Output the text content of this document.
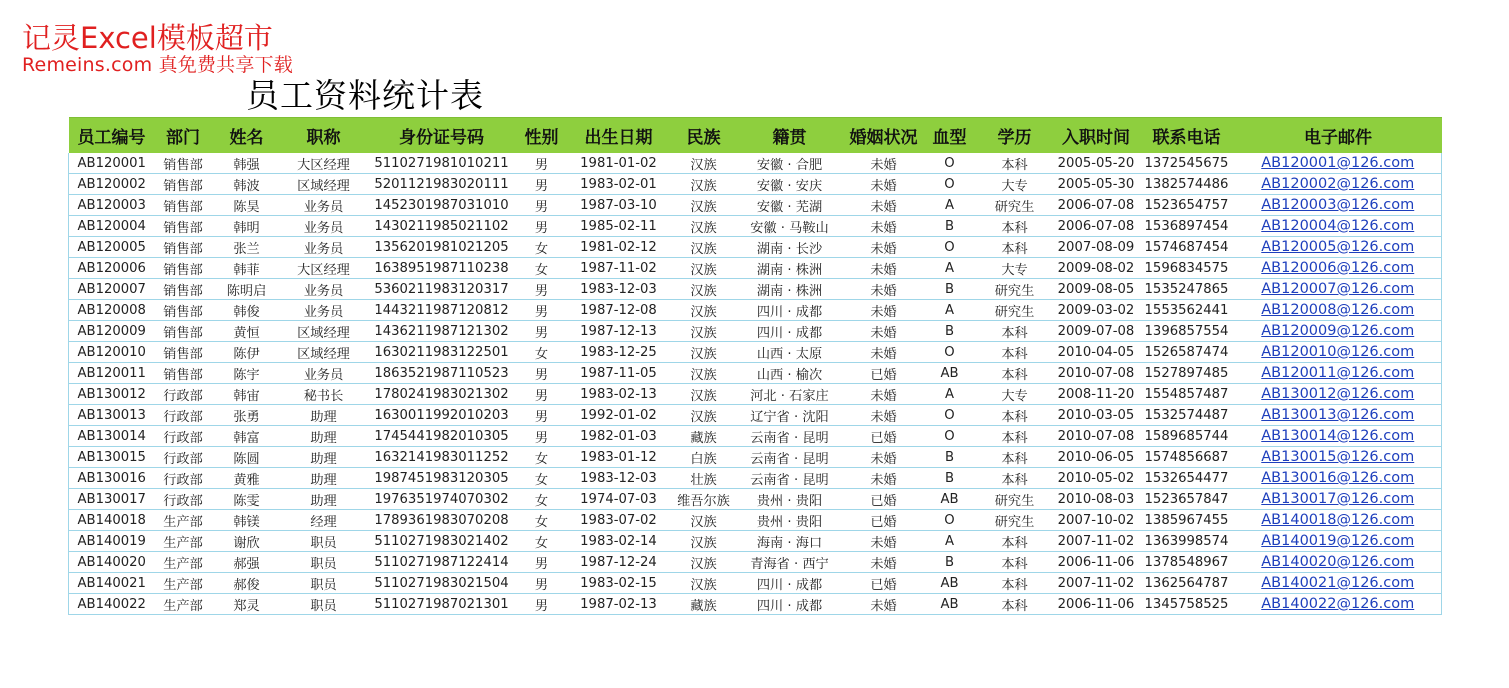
记灵Excel模板超市
Remeins.com 真免费共享下载
员工资料统计表
员工编号	部门	姓名	职称	身份证号码	性别	出生日期	民族	籍贯	婚姻状况	血型	学历	入职时间	联系电话	电子邮件
AB120001	销售部	韩强	大区经理	5110271981010211	男	1981-01-02	汉族	安徽 · 合肥	未婚	O	本科	2005-05-20	1372545675	AB120001@126.com
AB120002	销售部	韩波	区域经理	5201121983020111	男	1983-02-01	汉族	安徽 · 安庆	未婚	O	大专	2005-05-30	1382574486	AB120002@126.com
AB120003	销售部	陈昊	业务员	1452301987031010	男	1987-03-10	汉族	安徽 · 芜湖	未婚	A	研究生	2006-07-08	1523654757	AB120003@126.com
AB120004	销售部	韩明	业务员	1430211985021102	男	1985-02-11	汉族	安徽 · 马鞍山	未婚	B	本科	2006-07-08	1536897454	AB120004@126.com
AB120005	销售部	张兰	业务员	1356201981021205	女	1981-02-12	汉族	湖南 · 长沙	未婚	O	本科	2007-08-09	1574687454	AB120005@126.com
AB120006	销售部	韩菲	大区经理	1638951987110238	女	1987-11-02	汉族	湖南 · 株洲	未婚	A	大专	2009-08-02	1596834575	AB120006@126.com
AB120007	销售部	陈明启	业务员	5360211983120317	男	1983-12-03	汉族	湖南 · 株洲	未婚	B	研究生	2009-08-05	1535247865	AB120007@126.com
AB120008	销售部	韩俊	业务员	1443211987120812	男	1987-12-08	汉族	四川 · 成都	未婚	A	研究生	2009-03-02	1553562441	AB120008@126.com
AB120009	销售部	黄恒	区域经理	1436211987121302	男	1987-12-13	汉族	四川 · 成都	未婚	B	本科	2009-07-08	1396857554	AB120009@126.com
AB120010	销售部	陈伊	区域经理	1630211983122501	女	1983-12-25	汉族	山西 · 太原	未婚	O	本科	2010-04-05	1526587474	AB120010@126.com
AB120011	销售部	陈宇	业务员	1863521987110523	男	1987-11-05	汉族	山西 · 榆次	已婚	AB	本科	2010-07-08	1527897485	AB120011@126.com
AB130012	行政部	韩宙	秘书长	1780241983021302	男	1983-02-13	汉族	河北 · 石家庄	未婚	A	大专	2008-11-20	1554857487	AB130012@126.com
AB130013	行政部	张勇	助理	1630011992010203	男	1992-01-02	汉族	辽宁省 · 沈阳	未婚	O	本科	2010-03-05	1532574487	AB130013@126.com
AB130014	行政部	韩富	助理	1745441982010305	男	1982-01-03	藏族	云南省 · 昆明	已婚	O	本科	2010-07-08	1589685744	AB130014@126.com
AB130015	行政部	陈圆	助理	1632141983011252	女	1983-01-12	白族	云南省 · 昆明	未婚	B	本科	2010-06-05	1574856687	AB130015@126.com
AB130016	行政部	黄雅	助理	1987451983120305	女	1983-12-03	壮族	云南省 · 昆明	未婚	B	本科	2010-05-02	1532654477	AB130016@126.com
AB130017	行政部	陈雯	助理	1976351974070302	女	1974-07-03	维吾尔族	贵州 · 贵阳	已婚	AB	研究生	2010-08-03	1523657847	AB130017@126.com
AB140018	生产部	韩镁	经理	1789361983070208	女	1983-07-02	汉族	贵州 · 贵阳	已婚	O	研究生	2007-10-02	1385967455	AB140018@126.com
AB140019	生产部	谢欣	职员	5110271983021402	女	1983-02-14	汉族	海南 · 海口	未婚	A	本科	2007-11-02	1363998574	AB140019@126.com
AB140020	生产部	郝强	职员	5110271987122414	男	1987-12-24	汉族	青海省 · 西宁	未婚	B	本科	2006-11-06	1378548967	AB140020@126.com
AB140021	生产部	郝俊	职员	5110271983021504	男	1983-02-15	汉族	四川 · 成都	已婚	AB	本科	2007-11-02	1362564787	AB140021@126.com
AB140022	生产部	郑灵	职员	5110271987021301	男	1987-02-13	藏族	四川 · 成都	未婚	AB	本科	2006-11-06	1345758525	AB140022@126.com
